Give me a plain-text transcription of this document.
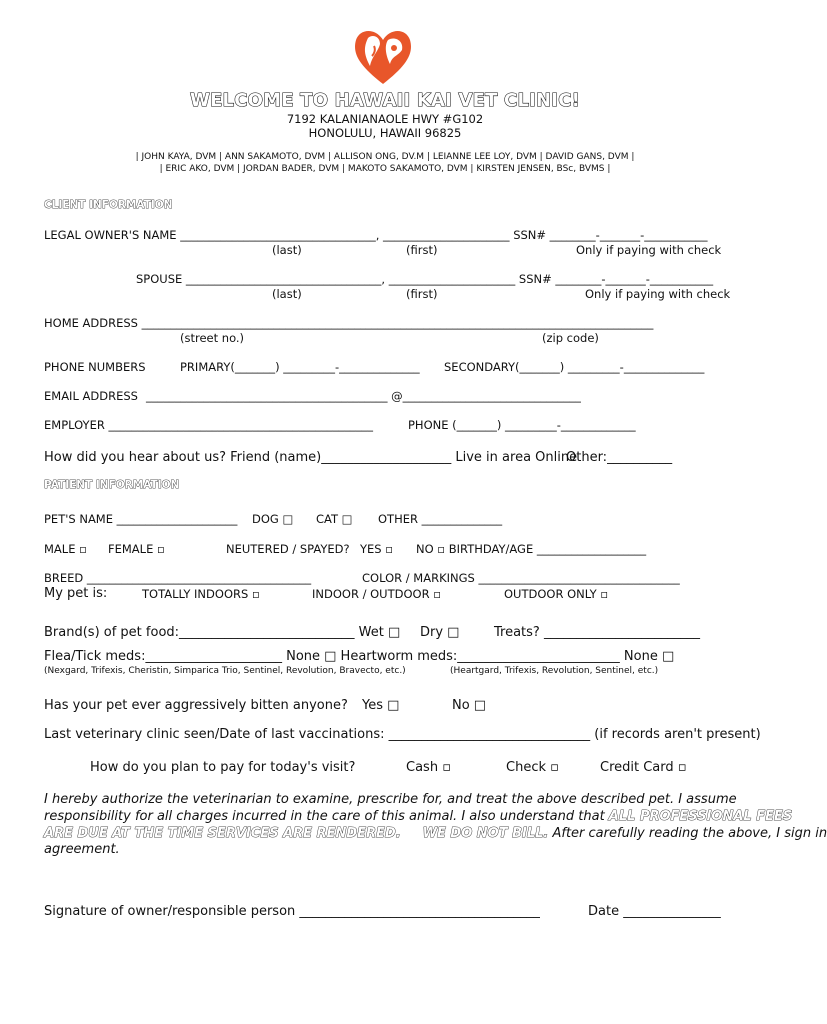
WELCOME TO HAWAII KAI VET CLINIC!
7192 KALANIANAOLE HWY #G102
HONOLULU, HAWAII 96825
| JOHN KAYA, DVM | ANN SAKAMOTO, DVM | ALLISON ONG, DV.M | LEIANNE LEE LOY, DVM | DAVID GANS, DVM |
| ERIC AKO, DVM | JORDAN BADER, DVM | MAKOTO SAKAMOTO, DVM | KIRSTEN JENSEN, BSc, BVMS |
CLIENT INFORMATION
LEGAL OWNER'S NAME __________________________________, ______________________ SSN# ________-_______-___________
(last)	(first)	Only if paying with check
SPOUSE __________________________________, ______________________ SSN# ________-_______-___________
(last)	(first)	Only if paying with check
HOME ADDRESS _________________________________________________________________________________________
(street no.)	(zip code)
PHONE NUMBERS	PRIMARY(_______) _________-______________ SECONDARY(_______) _________-______________
EMAIL ADDRESS __________________________________________ @_______________________________
EMPLOYER ______________________________________________	PHONE (_______) _________-_____________
How did you hear about us? Friend (name)____________________ Live in area Online
Other:__________
PATIENT INFORMATION
PET'S NAME _____________________ DOG □ CAT □ OTHER ______________
MALE ▫ FEMALE ▫	NEUTERED / SPAYED? YES ▫ NO ▫ BIRTHDAY/AGE ___________________
BREED _______________________________________	COLOR / MARKINGS ___________________________________
My pet is:	TOTALLY INDOORS ▫	INDOOR / OUTDOOR ▫	OUTDOOR ONLY ▫
Brand(s) of pet food:___________________________ Wet □ Dry □	Treats? ________________________
Flea/Tick meds:_____________________ None □ Heartworm meds:_________________________ None □
(Nexgard, Trifexis, Cheristin, Simparica Trio, Sentinel, Revolution, Bravecto, etc.)	(Heartgard, Trifexis, Revolution, Sentinel, etc.)
Has your pet ever aggressively bitten anyone? Yes □	No □
Last veterinary clinic seen/Date of last vaccinations: _______________________________ (if records aren't present)
How do you plan to pay for today's visit?	Cash ▫	Check ▫	Credit Card ▫
I hereby authorize the veterinarian to examine, prescribe for, and treat the above described pet. I assume
responsibility for all charges incurred in the care of this animal. I also understand that ALL PROFESSIONAL FEES
ARE DUE AT THE TIME SERVICES ARE RENDERED. WE DO NOT BILL. After carefully reading the above, I sign in
agreement.
Signature of owner/responsible person _____________________________________	Date _______________
